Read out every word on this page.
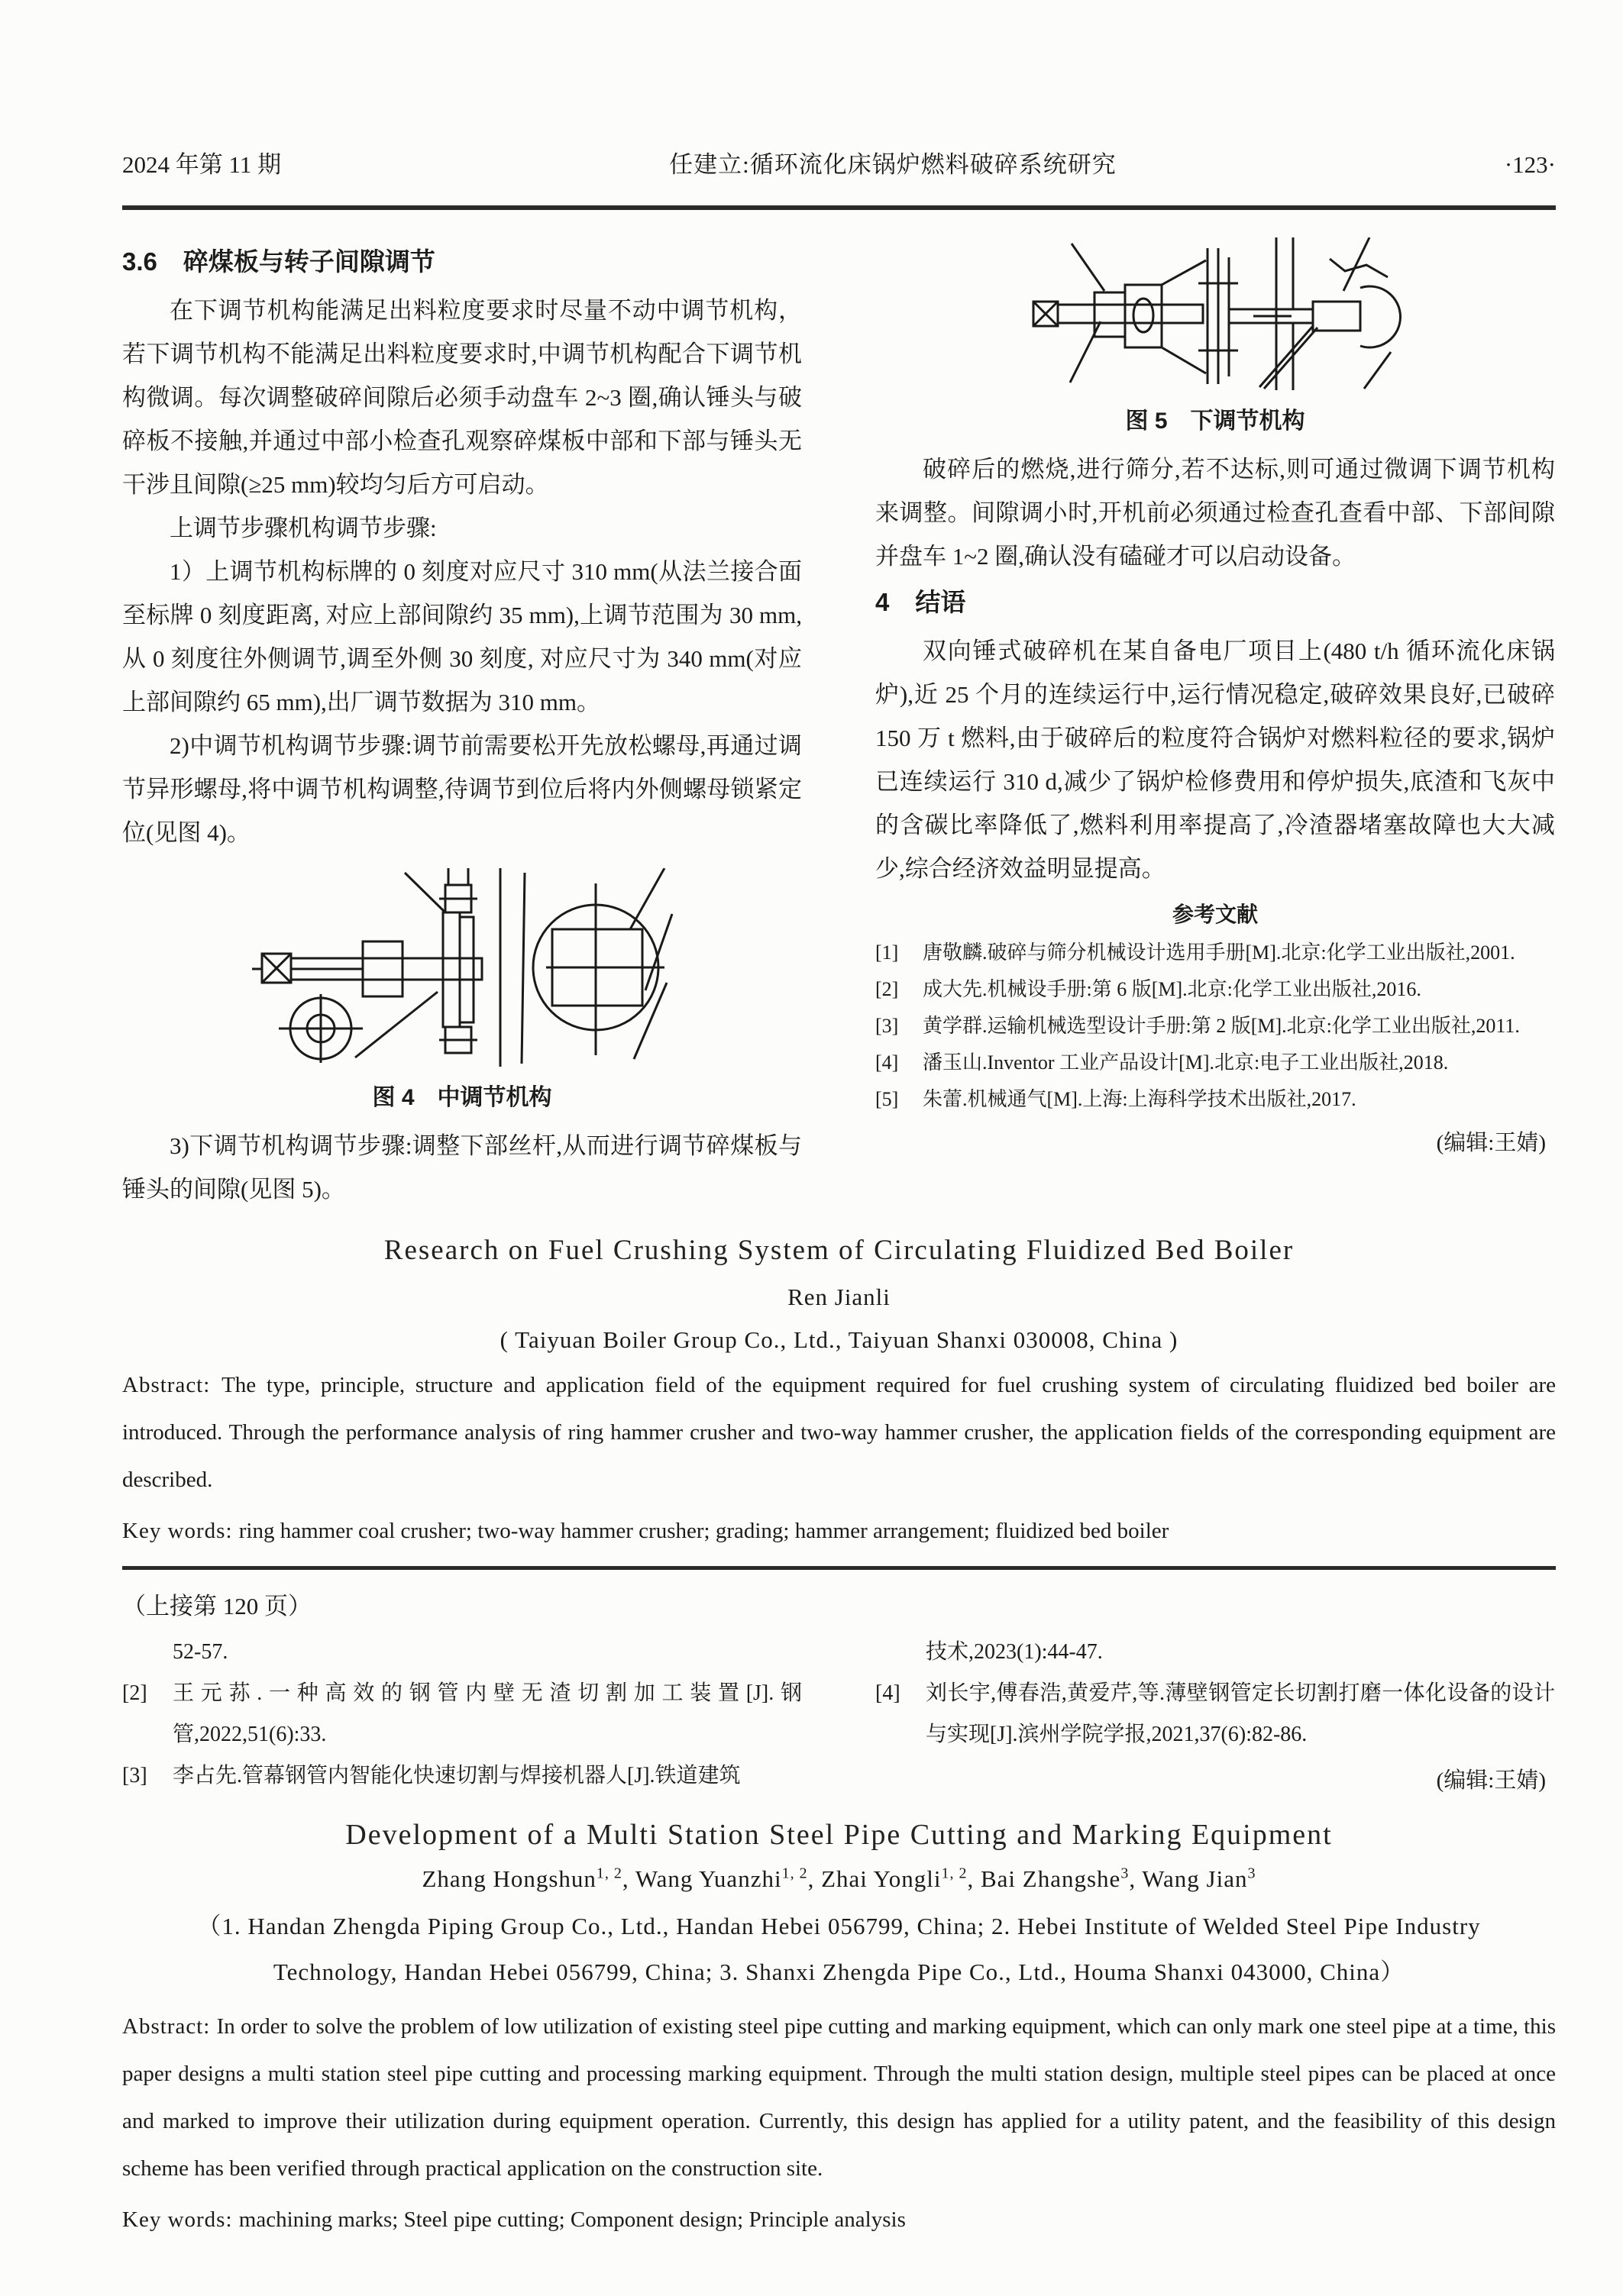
2024 年第 11 期	任建立:循环流化床锅炉燃料破碎系统研究	·123·
3.6 碎煤板与转子间隙调节

在下调节机构能满足出料粒度要求时尽量不动中调节机构，若下调节机构不能满足出料粒度要求时,中调节机构配合下调节机构微调。每次调整破碎间隙后必须手动盘车 2~3 圈,确认锤头与破碎板不接触,并通过中部小检查孔观察碎煤板中部和下部与锤头无干涉且间隙(≥25 mm)较均匀后方可启动。

上调节步骤机构调节步骤:

1）上调节机构标牌的 0 刻度对应尺寸 310 mm(从法兰接合面至标牌 0 刻度距离, 对应上部间隙约 35 mm),上调节范围为 30 mm,从 0 刻度往外侧调节,调至外侧 30 刻度, 对应尺寸为 340 mm(对应上部间隙约 65 mm),出厂调节数据为 310 mm。

2)中调节机构调节步骤:调节前需要松开先放松螺母,再通过调节异形螺母,将中调节机构调整,待调节到位后将内外侧螺母锁紧定位(见图 4)。

图 4 中调节机构

3)下调节机构调节步骤:调整下部丝杆,从而进行调节碎煤板与锤头的间隙(见图 5)。

图 5 下调节机构

破碎后的燃烧,进行筛分,若不达标,则可通过微调下调节机构来调整。间隙调小时,开机前必须通过检查孔查看中部、下部间隙并盘车 1~2 圈,确认没有磕碰才可以启动设备。

4 结语

双向锤式破碎机在某自备电厂项目上(480 t/h 循环流化床锅炉),近 25 个月的连续运行中,运行情况稳定,破碎效果良好,已破碎 150 万 t 燃料,由于破碎后的粒度符合锅炉对燃料粒径的要求,锅炉已连续运行 310 d,减少了锅炉检修费用和停炉损失,底渣和飞灰中的含碳比率降低了,燃料利用率提高了,冷渣器堵塞故障也大大减少,综合经济效益明显提高。

参考文献
[1]	唐敬麟.破碎与筛分机械设计选用手册[M].北京:化学工业出版社,2001.
[2]	成大先.机械设手册:第 6 版[M].北京:化学工业出版社,2016.
[3]	黄学群.运输机械选型设计手册:第 2 版[M].北京:化学工业出版社,2011.
[4]	潘玉山.Inventor 工业产品设计[M].北京:电子工业出版社,2018.
[5]	朱蕾.机械通气[M].上海:上海科学技术出版社,2017.
(编辑:王婧)
Research on Fuel Crushing System of Circulating Fluidized Bed Boiler
Ren Jianli
( Taiyuan Boiler Group Co., Ltd., Taiyuan Shanxi 030008, China )

Abstract: The type, principle, structure and application field of the equipment required for fuel crushing system of circulating fluidized bed boiler are introduced. Through the performance analysis of ring hammer crusher and two-way hammer crusher, the application fields of the corresponding equipment are described.

Key words: ring hammer coal crusher; two-way hammer crusher; grading; hammer arrangement; fluidized bed boiler

（上接第 120 页）
52-57.
[2]	王元荪.一种高效的钢管内壁无渣切割加工装置[J].钢管,2022,51(6):33.
[3]	李占先.管幕钢管内智能化快速切割与焊接机器人[J].铁道建筑
技术,2023(1):44-47.
[4]	刘长宇,傅春浩,黄爱芹,等.薄壁钢管定长切割打磨一体化设备的设计与实现[J].滨州学院学报,2021,37(6):82-86.
(编辑:王婧)
Development of a Multi Station Steel Pipe Cutting and Marking Equipment
Zhang Hongshun$^{1, 2}$, Wang Yuanzhi$^{1, 2}$, Zhai Yongli$^{1, 2}$, Bai Zhangshe$^3$, Wang Jian$^3$
（1. Handan Zhengda Piping Group Co., Ltd., Handan Hebei 056799, China; 2. Hebei Institute of Welded Steel Pipe Industry Technology, Handan Hebei 056799, China; 3. Shanxi Zhengda Pipe Co., Ltd., Houma Shanxi 043000, China）

Abstract: In order to solve the problem of low utilization of existing steel pipe cutting and marking equipment, which can only mark one steel pipe at a time, this paper designs a multi station steel pipe cutting and processing marking equipment. Through the multi station design, multiple steel pipes can be placed at once and marked to improve their utilization during equipment operation. Currently, this design has applied for a utility patent, and the feasibility of this design scheme has been verified through practical application on the construction site.

Key words: machining marks; Steel pipe cutting; Component design; Principle analysis
